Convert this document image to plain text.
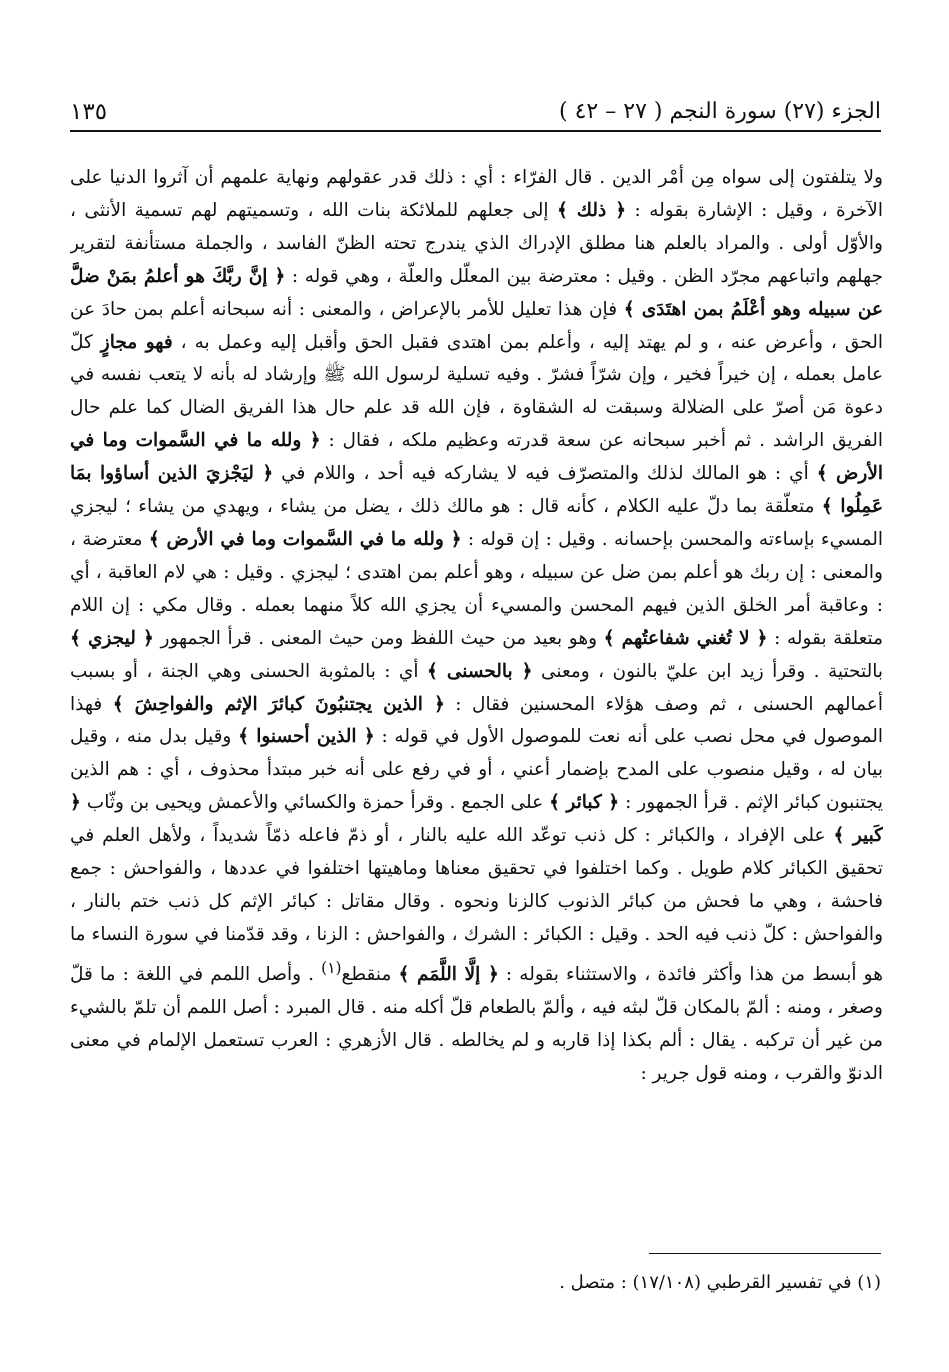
الجزء (٢٧) سورة النجم ( ٢٧ – ٤٢ )
١٣٥

ولا يتلفتون إلى سواه مِن أمْر الدين . قال الفرّاء : أي : ذلك قدر عقولهم ونهاية علمهم أن آثروا الدنيا على الآخرة ، وقيل : الإشارة بقوله : ﴿ ذلك ﴾ إلى جعلهم للملائكة بنات الله ، وتسميتهم لهم تسمية الأنثى ، والأوّل أولى . والمراد بالعلم هنا مطلق الإدراك الذي يندرج تحته الظنّ الفاسد ، والجملة مستأنفة لتقرير جهلهم واتباعهم مجرّد الظن . وقيل : معترضة بين المعلّل والعلّة ، وهي قوله : ﴿ إنَّ ربَّكَ هو أعلمُ بمَنْ ضلَّ عن سبيله وهو أعْلَمُ بمن اهتَدَى ﴾ فإن هذا تعليل للأمر بالإعراض ، والمعنى : أنه سبحانه أعلم بمن حادَ عن الحق ، وأعرض عنه ، و لم يهتد إليه ، وأعلم بمن اهتدى فقبل الحق وأقبل إليه وعمل به ، فهو مجازٍ كلّ عامل بعمله ، إن خيراً فخير ، وإن شرّاً فشرّ . وفيه تسلية لرسول الله ﷺ وإرشاد له بأنه لا يتعب نفسه في دعوة مَن أصرّ على الضلالة وسبقت له الشقاوة ، فإن الله قد علم حال هذا الفريق الضال كما علم حال الفريق الراشد . ثم أخبر سبحانه عن سعة قدرته وعظيم ملكه ، فقال : ﴿ ولله ما في السَّموات وما في الأرض ﴾ أي : هو المالك لذلك والمتصرّف فيه لا يشاركه فيه أحد ، واللام في ﴿ ليَجْزيَ الذين أساؤوا بمَا عَمِلُوا ﴾ متعلّقة بما دلّ عليه الكلام ، كأنه قال : هو مالك ذلك ، يضل من يشاء ، ويهدي من يشاء ؛ ليجزي المسيء بإساءته والمحسن بإحسانه . وقيل : إن قوله : ﴿ ولله ما في السَّموات وما في الأرض ﴾ معترضة ، والمعنى : إن ربك هو أعلم بمن ضل عن سبيله ، وهو أعلم بمن اهتدى ؛ ليجزي . وقيل : هي لام العاقبة ، أي : وعاقبة أمر الخلق الذين فيهم المحسن والمسيء أن يجزي الله كلاً منهما بعمله . وقال مكي : إن اللام متعلقة بقوله : ﴿ لا تُغني شفاعتُهم ﴾ وهو بعيد من حيث اللفظ ومن حيث المعنى . قرأ الجمهور ﴿ ليجزي ﴾ بالتحتية . وقرأ زيد ابن عليّ بالنون ، ومعنى ﴿ بالحسنى ﴾ أي : بالمثوبة الحسنى وهي الجنة ، أو بسبب أعمالهم الحسنى ، ثم وصف هؤلاء المحسنين فقال : ﴿ الذين يجتنبُونَ كبائرَ الإثم والفواحِشَ ﴾ فهذا الموصول في محل نصب على أنه نعت للموصول الأول في قوله : ﴿ الذين أحسنوا ﴾ وقيل بدل منه ، وقيل بيان له ، وقيل منصوب على المدح بإضمار أعني ، أو في رفع على أنه خبر مبتدأ محذوف ، أي : هم الذين يجتنبون كبائر الإثم . قرأ الجمهور : ﴿ كبائر ﴾ على الجمع . وقرأ حمزة والكسائي والأعمش ويحيى بن وثّاب ﴿ كَبير ﴾ على الإفراد ، والكبائر : كل ذنب توعّد الله عليه بالنار ، أو ذمّ فاعله ذمّاً شديداً ، ولأهل العلم في تحقيق الكبائر كلام طويل . وكما اختلفوا في تحقيق معناها وماهيتها اختلفوا في عددها ، والفواحش : جمع فاحشة ، وهي ما فحش من كبائر الذنوب كالزنا ونحوه . وقال مقاتل : كبائر الإثم كل ذنب ختم بالنار ، والفواحش : كلّ ذنب فيه الحد . وقيل : الكبائر : الشرك ، والفواحش : الزنا ، وقد قدّمنا في سورة النساء ما هو أبسط من هذا وأكثر فائدة ، والاستثناء بقوله : ﴿ إلَّا اللَّمَم ﴾ منقطع$^{(١)}$ . وأصل اللمم في اللغة : ما قلّ وصغر ، ومنه : ألمّ بالمكان قلّ لبثه فيه ، وألمّ بالطعام قلّ أكله منه . قال المبرد : أصل اللمم أن تلمّ بالشيء من غير أن تركبه . يقال : ألم بكذا إذا قاربه و لم يخالطه . قال الأزهري : العرب تستعمل الإلمام في معنى الدنوّ والقرب ، ومنه قول جرير :

(١) في تفسير القرطبي (١٧/١٠٨) : متصل .
